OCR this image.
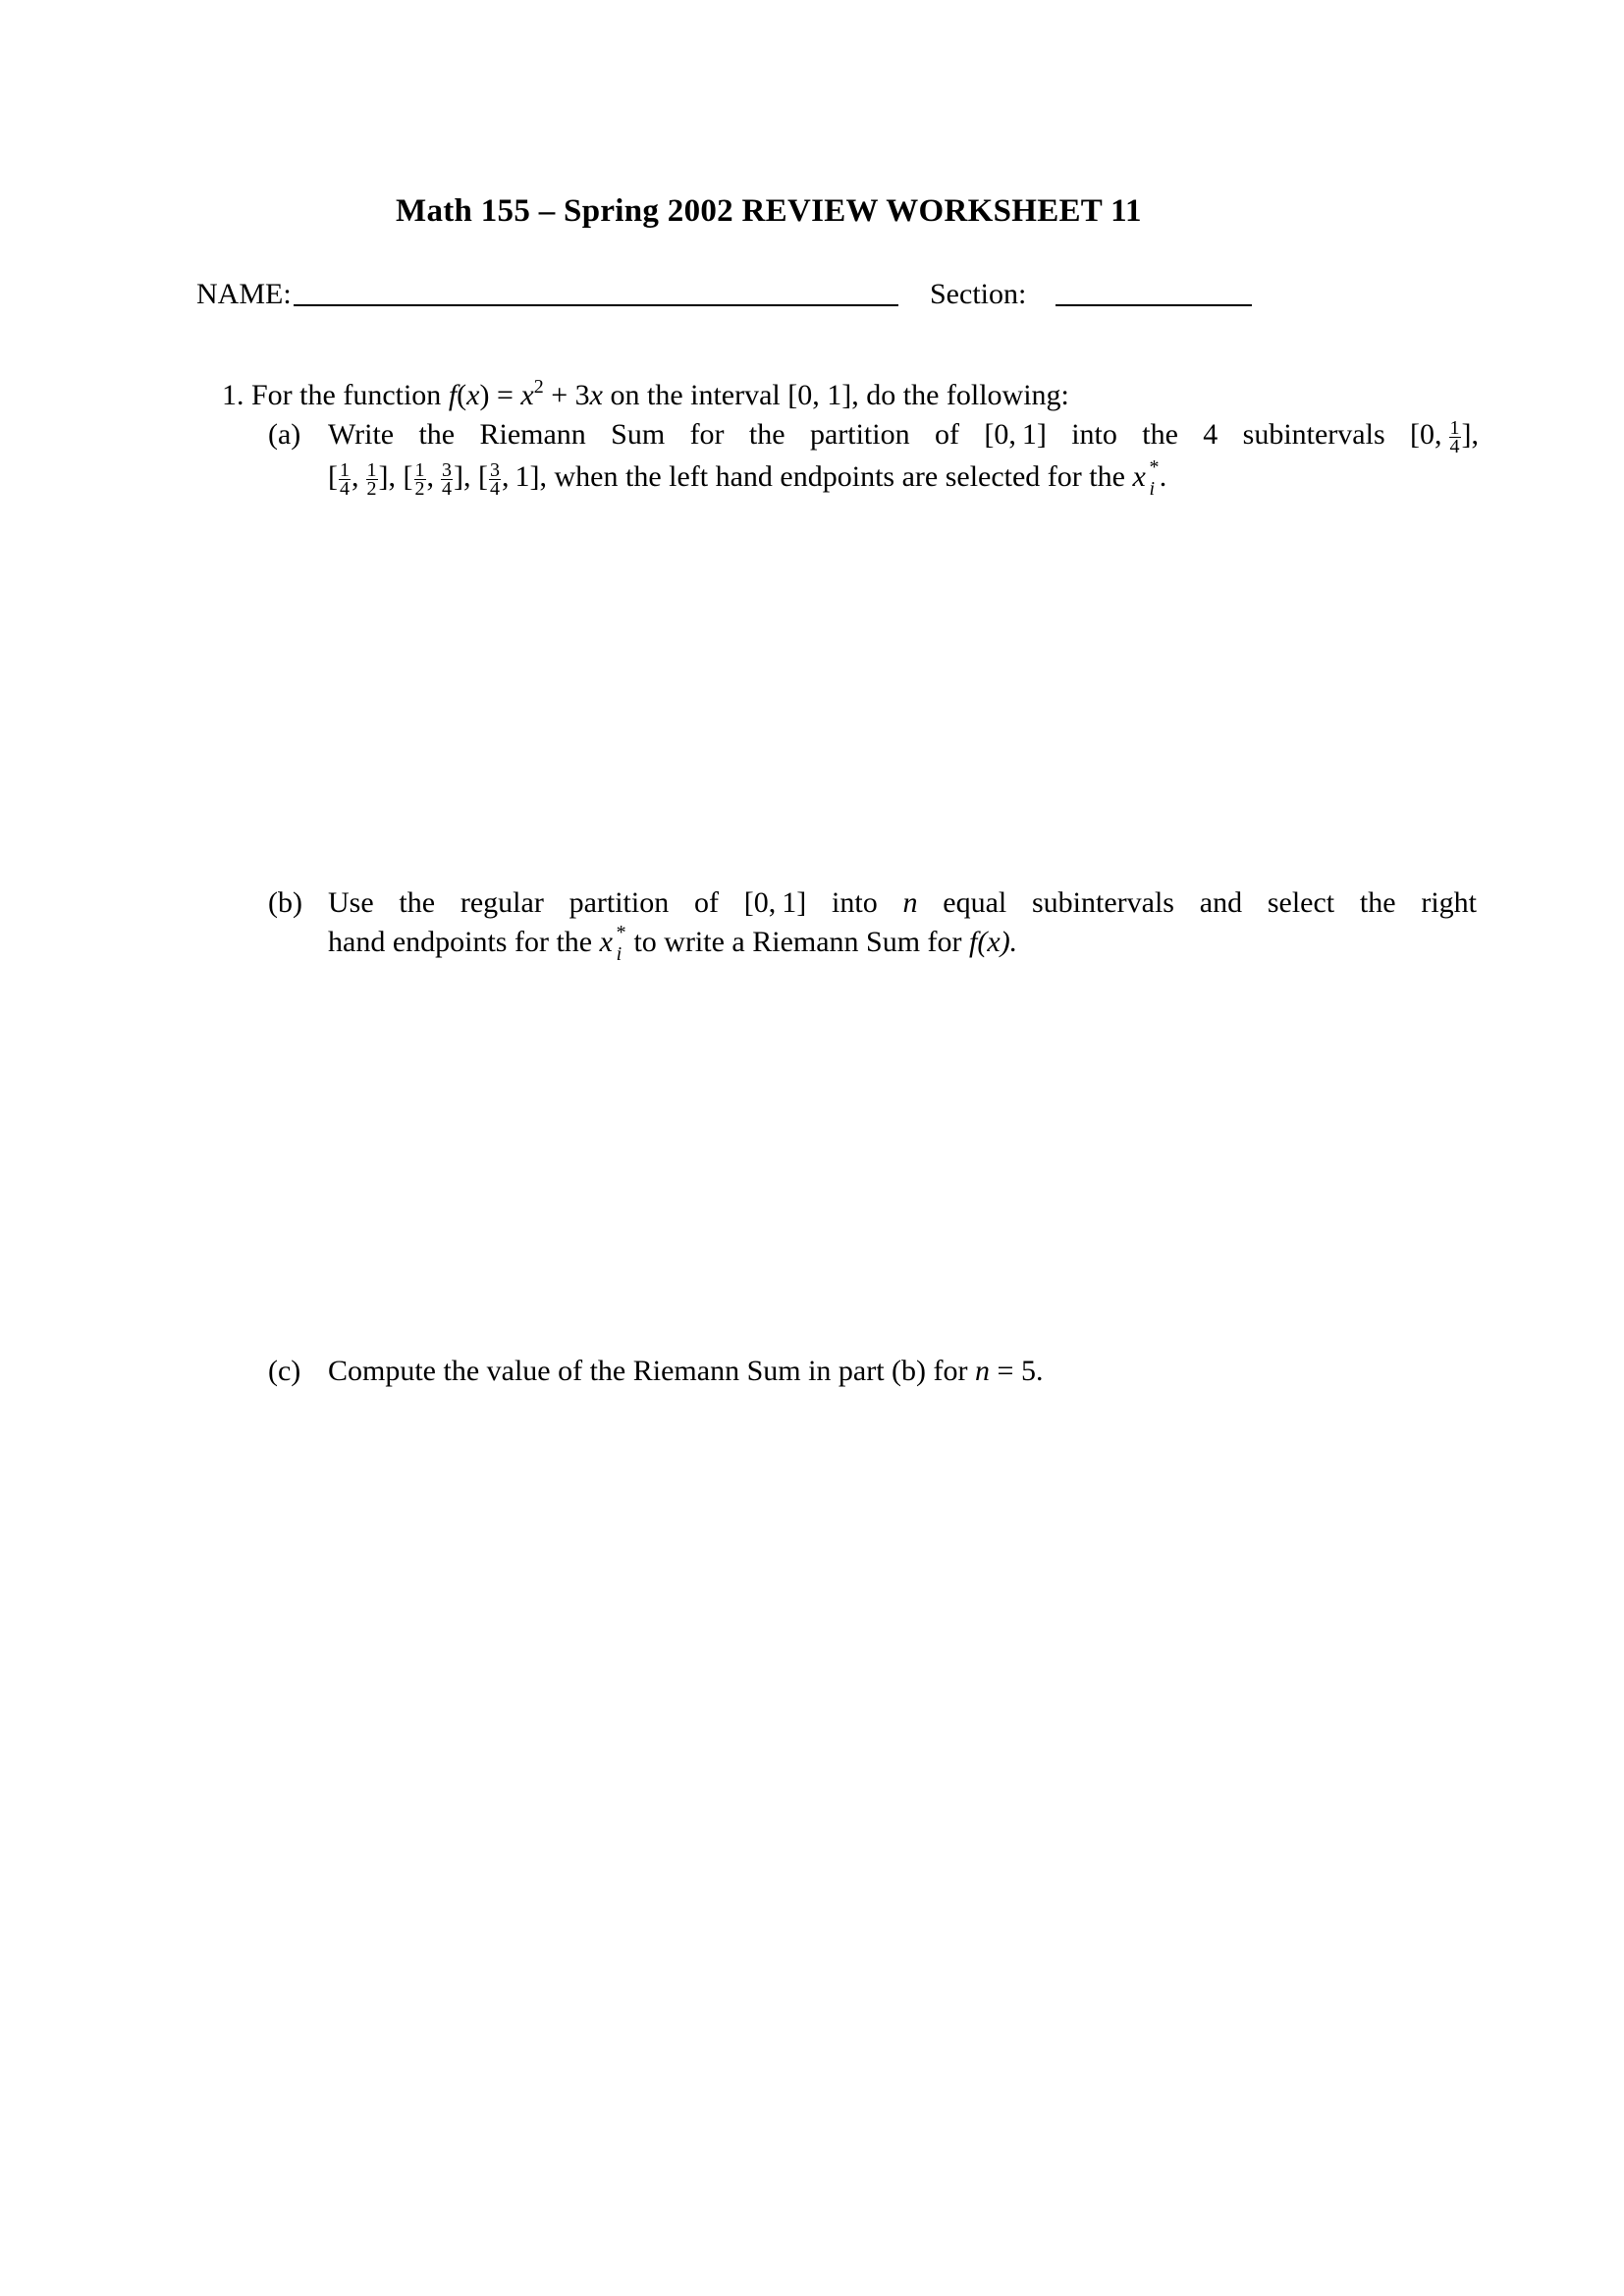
Math 155 – Spring 2002 REVIEW WORKSHEET 11
NAME:	Section:
1. For the function $f(x) = x^2 + 3x$ on the interval [0, 1], do the following:
(a) Write the Riemann Sum for the partition of [0, 1] into the 4 subintervals [0,  $\frac{1}{4}$ ],
[ $\frac{1}{4}$ ,  $\frac{1}{2}$ ], [ $\frac{1}{2}$ ,  $\frac{3}{4}$ ], [ $\frac{3}{4}$ , 1], when the left hand endpoints are selected for the x *
i .
(b) Use the regular partition of [0, 1] into n equal subintervals and select the right
hand endpoints for the x *
i to write a Riemann Sum for f(x).
(c) Compute the value of the Riemann Sum in part (b) for n = 5.
